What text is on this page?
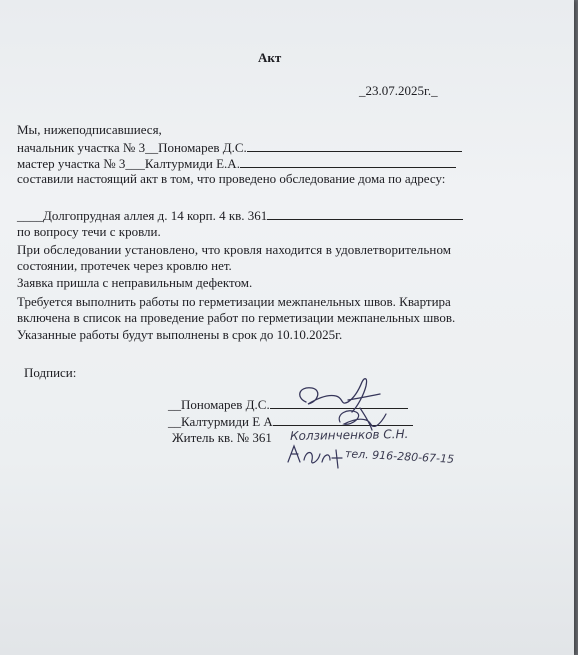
Акт
_23.07.2025г._
Мы, нижеподписавшиеся,
начальник участка № 3__Пономарев Д.С.
мастер участка № 3___Калтурмиди Е.А.
составили настоящий акт в том, что проведено обследование дома по адресу:
____Долгопрудная аллея д. 14 корп. 4 кв. 361
по вопросу течи с кровли.
При обследовании установлено, что кровля находится в удовлетворительном
состоянии, протечек через кровлю нет.
Заявка пришла с неправильным дефектом.
Требуется выполнить работы по герметизации межпанельных швов. Квартира
включена в список на проведение работ по герметизации межпанельных швов.
Указанные работы будут выполнены в срок до 10.10.2025г.
Подписи:
__Пономарев Д.С.
__Калтурмиди Е А
Житель кв. № 361 Колзинченков С.Н.
тел. 916-280-67-15
